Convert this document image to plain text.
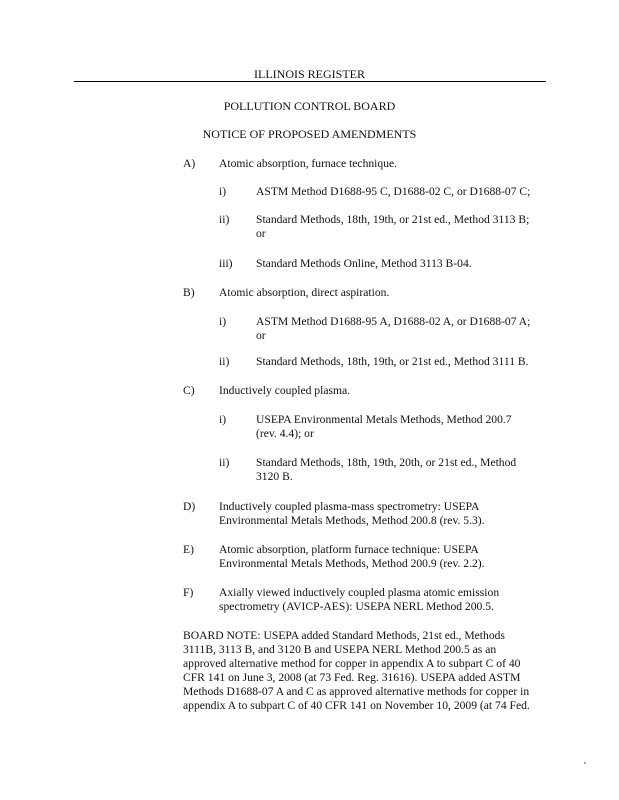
ILLINOIS REGISTER
POLLUTION CONTROL BOARD
NOTICE OF PROPOSED AMENDMENTS
A) Atomic absorption, furnace technique.
i)	ASTM Method D1688-95 C, D1688-02 C, or D1688-07 C;
ii) Standard Methods, 18th, 19th, or 21st ed., Method 3113 B;
or
iii) Standard Methods Online, Method 3113 B-04.
B) Atomic absorption, direct aspiration.
i)	ASTM Method D1688-95 A, D1688-02 A, or D1688-07 A;
or
ii) Standard Methods, 18th, 19th, or 21st ed., Method 3111 B.
C) Inductively coupled plasma.
i)	USEPA Environmental Metals Methods, Method 200.7
(rev. 4.4); or
ii) Standard Methods, 18th, 19th, 20th, or 21st ed., Method
3120 B.
D) Inductively coupled plasma-mass spectrometry: USEPA
Environmental Metals Methods, Method 200.8 (rev. 5.3).
E) Atomic absorption, platform furnace technique: USEPA
Environmental Metals Methods, Method 200.9 (rev. 2.2).
F) Axially viewed inductively coupled plasma atomic emission
spectrometry (AVICP-AES): USEPA NERL Method 200.5.
BOARD NOTE: USEPA added Standard Methods, 21st ed., Methods
3111B, 3113 B, and 3120 B and USEPA NERL Method 200.5 as an
approved alternative method for copper in appendix A to subpart C of 40
CFR 141 on June 3, 2008 (at 73 Fed. Reg. 31616). USEPA added ASTM
Methods D1688-07 A and C as approved alternative methods for copper in
appendix A to subpart C of 40 CFR 141 on November 10, 2009 (at 74 Fed.
